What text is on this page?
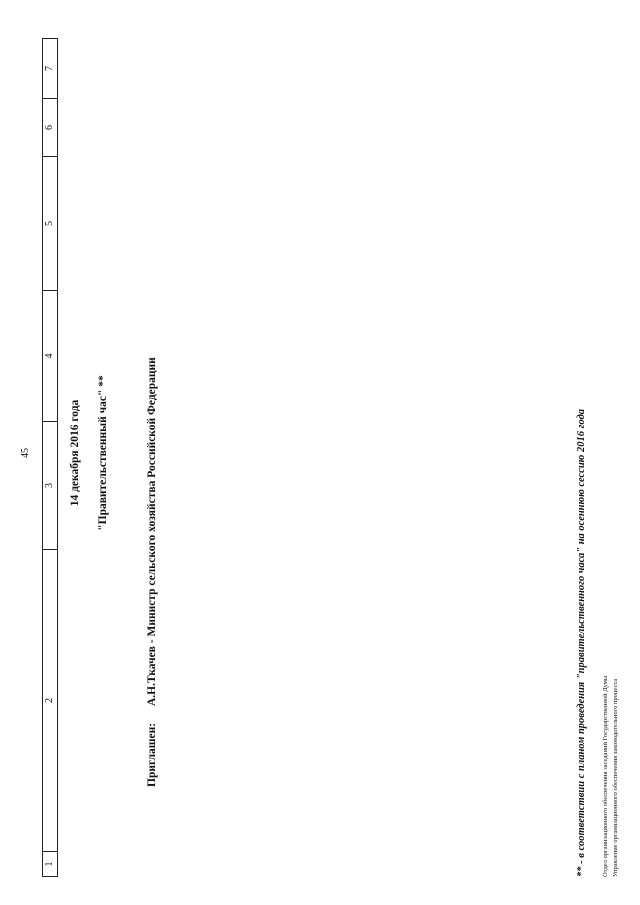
45
1
2
3
4
5
6
7
14 декабря 2016 года "Правительственный час" **
Приглашен: А.Н.Ткачев - Министр сельского хозяйства Российской Федерации	** - в соответствии с планом проведения "правительственного часа" на осеннюю сессию 2016 года Отдел организационного обеспечения заседаний Государственной Думы Управление организационного обеспечения законодательного процесса
